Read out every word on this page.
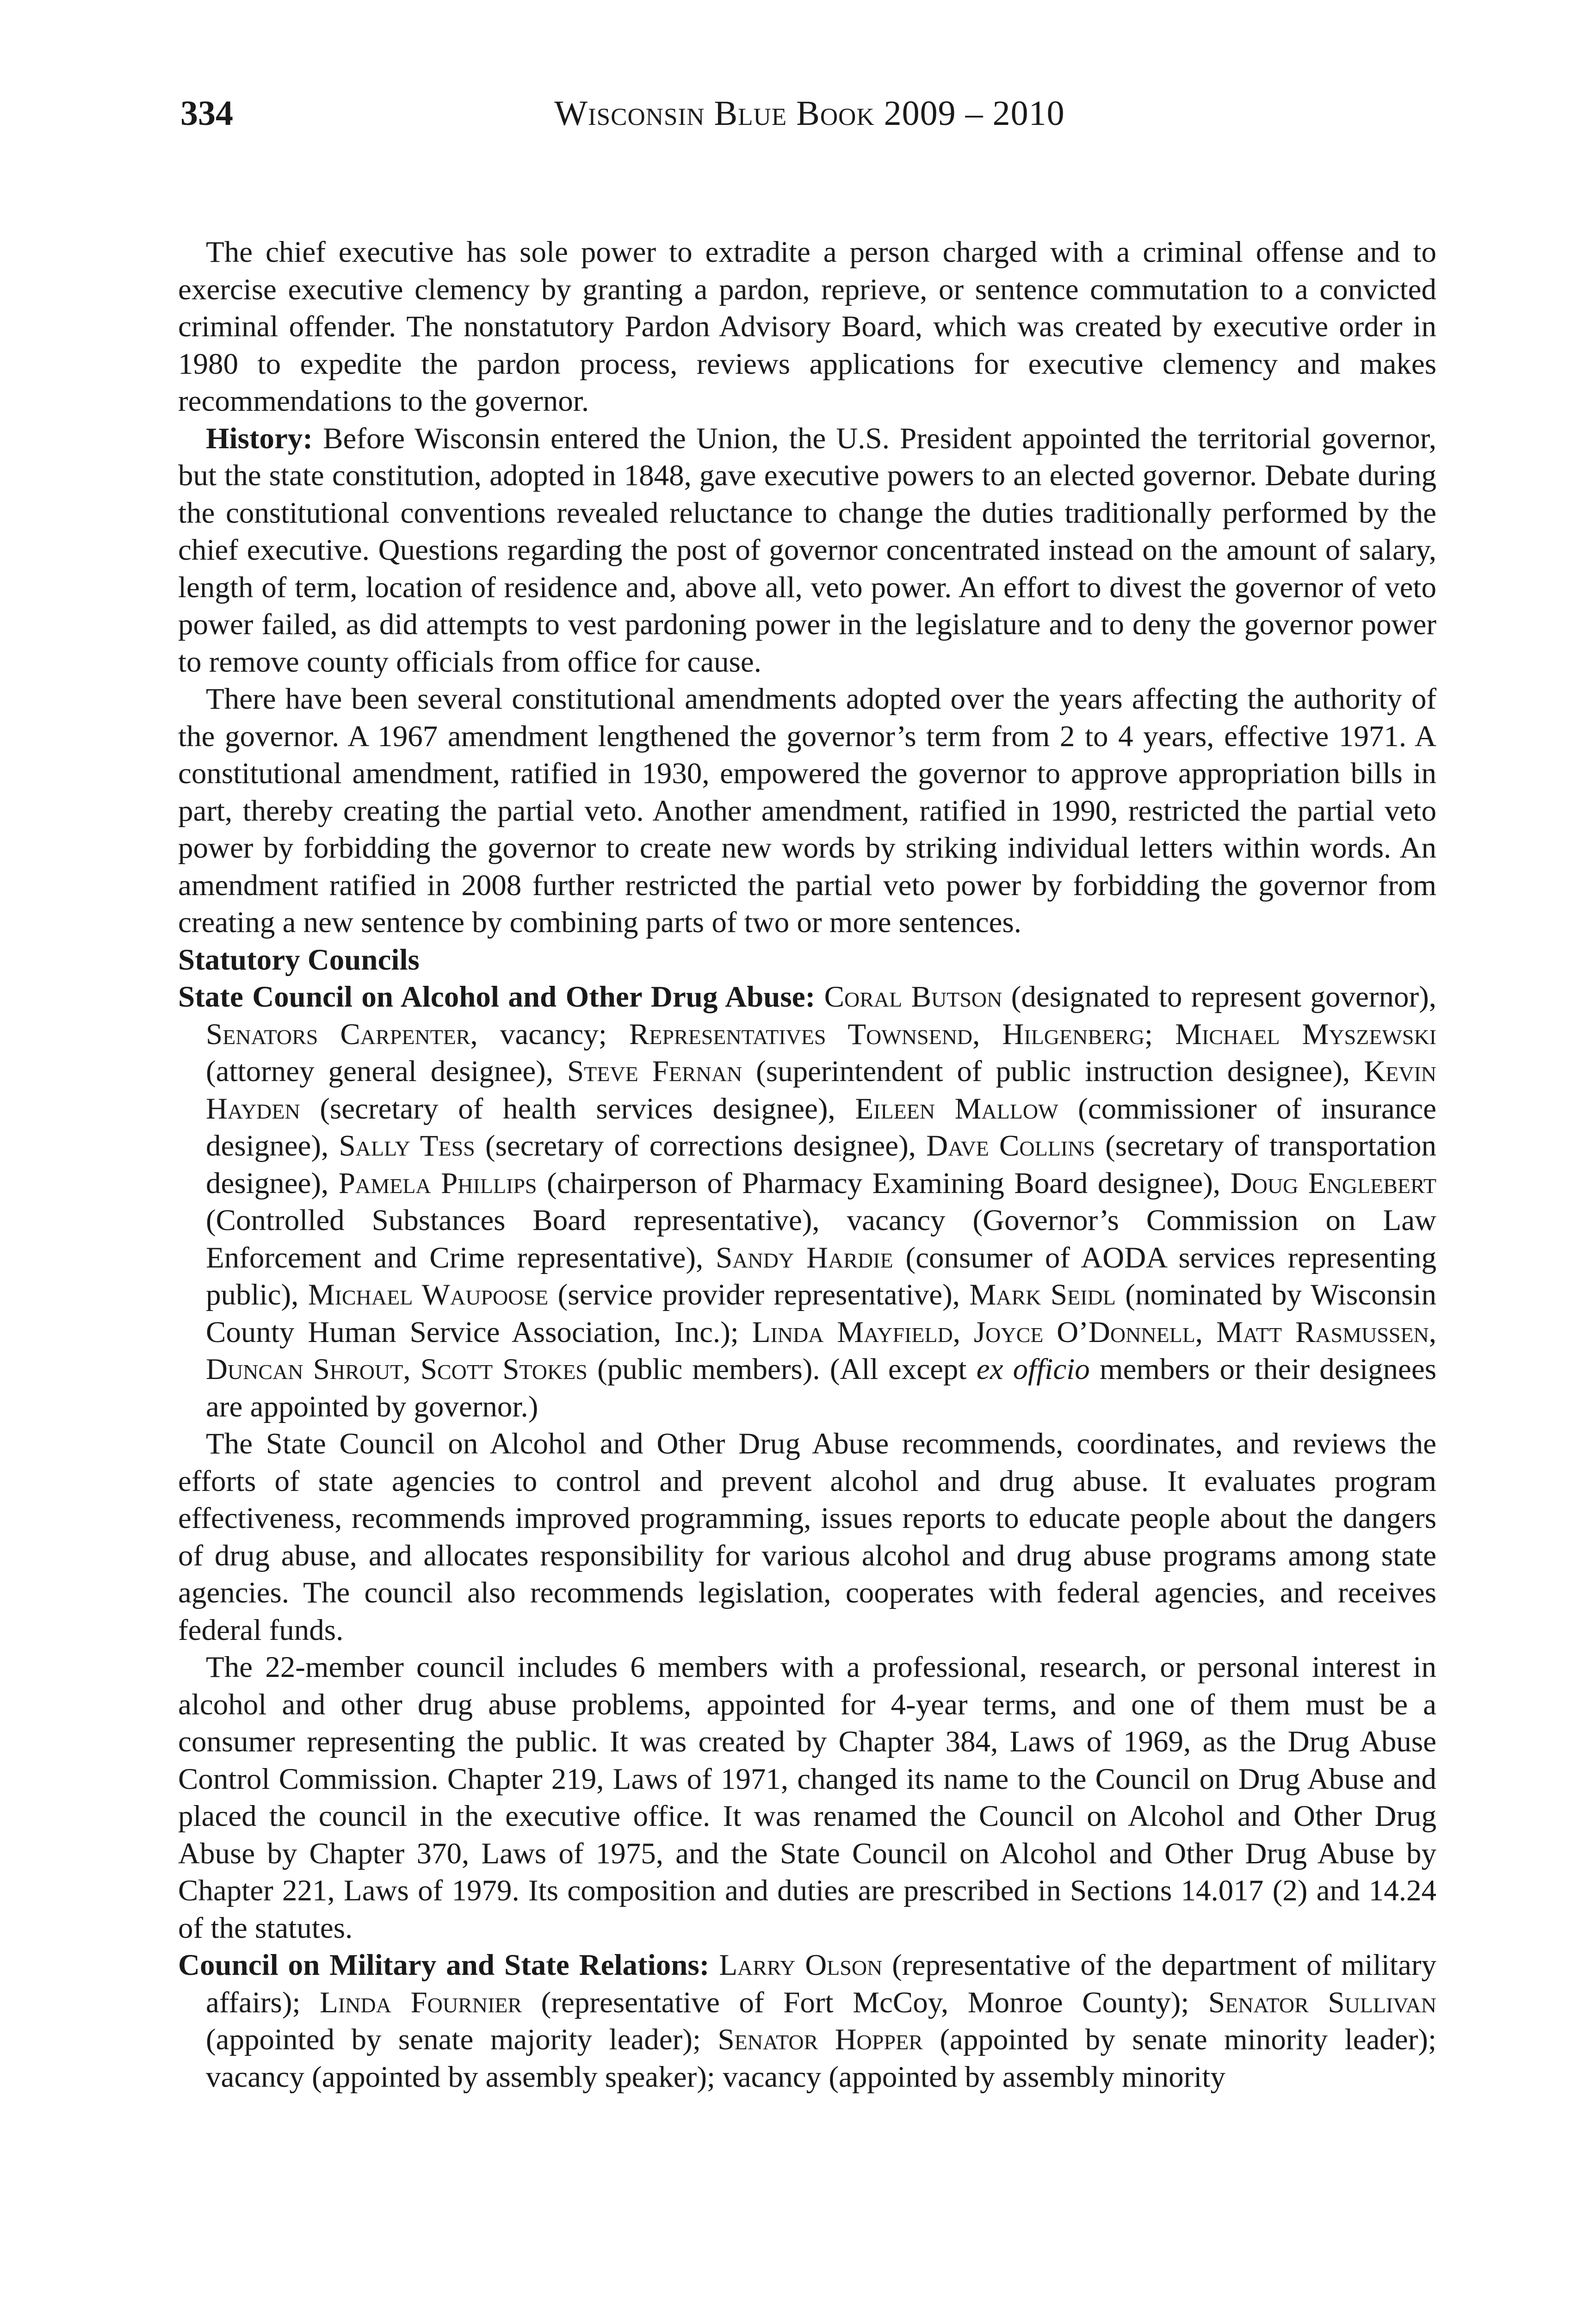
334	Wisconsin Blue Book 2009 – 2010

The chief executive has sole power to extradite a person charged with a criminal offense and to exercise executive clemency by granting a pardon, reprieve, or sentence commutation to a convicted criminal offender. The nonstatutory Pardon Advisory Board, which was created by executive order in 1980 to expedite the pardon process, reviews applications for executive clemency and makes recommendations to the governor.

History: Before Wisconsin entered the Union, the U.S. President appointed the territorial governor, but the state constitution, adopted in 1848, gave executive powers to an elected governor. Debate during the constitutional conventions revealed reluctance to change the duties traditionally performed by the chief executive. Questions regarding the post of governor concentrated instead on the amount of salary, length of term, location of residence and, above all, veto power. An effort to divest the governor of veto power failed, as did attempts to vest pardoning power in the legislature and to deny the governor power to remove county officials from office for cause.

There have been several constitutional amendments adopted over the years affecting the authority of the governor. A 1967 amendment lengthened the governor’s term from 2 to 4 years, effective 1971. A constitutional amendment, ratified in 1930, empowered the governor to approve appropriation bills in part, thereby creating the partial veto. Another amendment, ratified in 1990, restricted the partial veto power by forbidding the governor to create new words by striking individual letters within words. An amendment ratified in 2008 further restricted the partial veto power by forbidding the governor from creating a new sentence by combining parts of two or more sentences.

Statutory Councils

State Council on Alcohol and Other Drug Abuse: Coral Butson (designated to represent governor), Senators Carpenter, vacancy; Representatives Townsend, Hilgenberg; Michael Myszewski (attorney general designee), Steve Fernan (superintendent of public instruction designee), Kevin Hayden (secretary of health services designee), Eileen Mallow (commissioner of insurance designee), Sally Tess (secretary of corrections designee), Dave Collins (secretary of transportation designee), Pamela Phillips (chairperson of Pharmacy Examining Board designee), Doug Englebert (Controlled Substances Board representative), vacancy (Governor’s Commission on Law Enforcement and Crime representative), Sandy Hardie (consumer of AODA services representing public), Michael Waupoose (service provider representative), Mark Seidl (nominated by Wisconsin County Human Service Association, Inc.); Linda Mayfield, Joyce O’Donnell, Matt Rasmussen, Duncan Shrout, Scott Stokes (public members). (All except ex officio members or their designees are appointed by governor.)

The State Council on Alcohol and Other Drug Abuse recommends, coordinates, and reviews the efforts of state agencies to control and prevent alcohol and drug abuse. It evaluates program effectiveness, recommends improved programming, issues reports to educate people about the dangers of drug abuse, and allocates responsibility for various alcohol and drug abuse programs among state agencies. The council also recommends legislation, cooperates with federal agencies, and receives federal funds.

The 22-member council includes 6 members with a professional, research, or personal interest in alcohol and other drug abuse problems, appointed for 4-year terms, and one of them must be a consumer representing the public. It was created by Chapter 384, Laws of 1969, as the Drug Abuse Control Commission. Chapter 219, Laws of 1971, changed its name to the Council on Drug Abuse and placed the council in the executive office. It was renamed the Council on Alcohol and Other Drug Abuse by Chapter 370, Laws of 1975, and the State Council on Alcohol and Other Drug Abuse by Chapter 221, Laws of 1979. Its composition and duties are prescribed in Sections 14.017 (2) and 14.24 of the statutes.

Council on Military and State Relations: Larry Olson (representative of the department of military affairs); Linda Fournier (representative of Fort McCoy, Monroe County); Senator Sullivan (appointed by senate majority leader); Senator Hopper (appointed by senate minority leader); vacancy (appointed by assembly speaker); vacancy (appointed by assembly minority
